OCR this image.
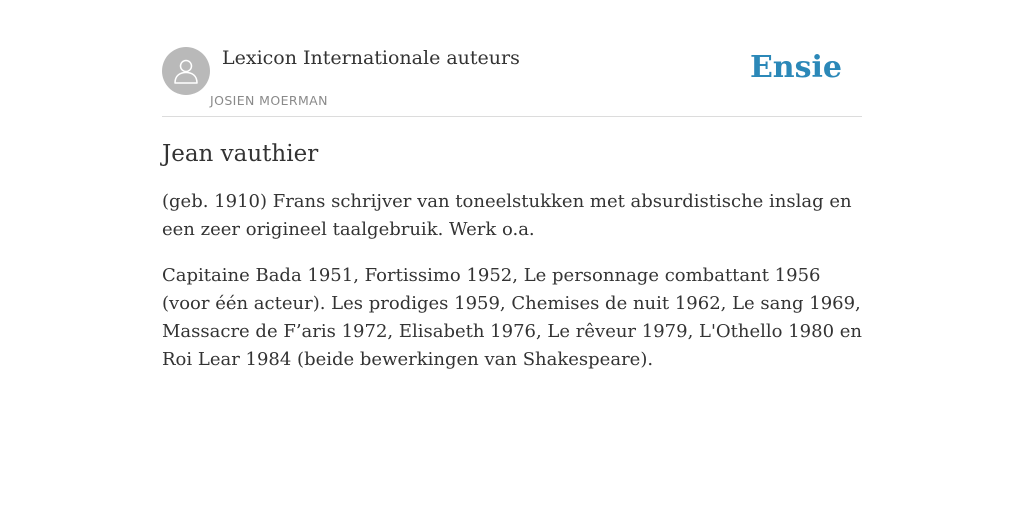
Lexicon Internationale auteurs
JOSIEN MOERMAN
Ensie
Jean vauthier

(geb. 1910) Frans schrijver van toneelstukken met absurdistische inslag en een zeer origineel taalgebruik. Werk o.a.

Capitaine Bada 1951, Fortissimo 1952, Le personnage combattant 1956 (voor één acteur). Les prodiges 1959, Chemises de nuit 1962, Le sang 1969, Massacre de F’aris 1972, Elisabeth 1976, Le rêveur 1979, L'Othello 1980 en Roi Lear 1984 (beide bewerkingen van Shakespeare).
